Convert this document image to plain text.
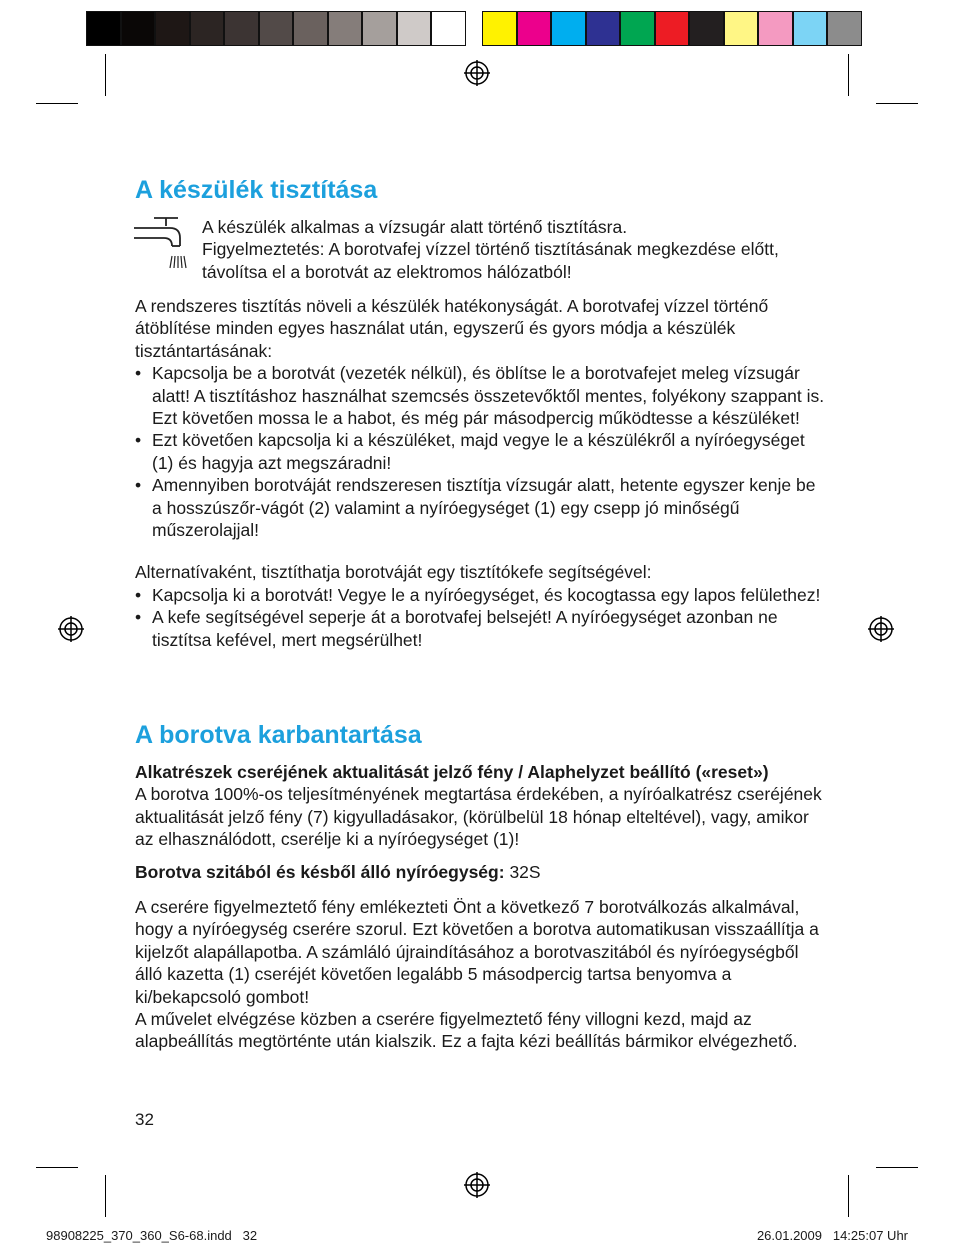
A készülék tisztítása

A készülék alkalmas a vízsugár alatt történő tisztításra.

Figyelmeztetés: A borotvafej vízzel történő tisztításának megkezdése előtt, távolítsa el a borotvát az elektromos hálózatból!

A rendszeres tisztítás növeli a készülék hatékonyságát. A borotvafej vízzel történő átöblítése minden egyes használat után, egyszerű és gyors módja a készülék tisztántartásának:

• Kapcsolja be a borotvát (vezeték nélkül), és öblítse le a borotvafejet meleg vízsugár alatt! A tisztításhoz használhat szemcsés összetevőktől mentes, folyékony szappant is. Ezt követően mossa le a habot, és még pár másodpercig működtesse a készüléket!

• Ezt követően kapcsolja ki a készüléket, majd vegye le a készülékről a nyíróegységet (1) és hagyja azt megszáradni!

• Amennyiben borotváját rendszeresen tisztítja vízsugár alatt, hetente egyszer kenje be a hosszúszőr-vágót (2) valamint a nyíróegységet (1) egy csepp jó minőségű műszerolajjal!

Alternatívaként, tisztíthatja borotváját egy tisztítókefe segítségével:

• Kapcsolja ki a borotvát! Vegye le a nyíróegységet, és kocogtassa egy lapos felülethez!

• A kefe segítségével seperje át a borotvafej belsejét! A nyíróegységet azonban ne tisztítsa kefével, mert megsérülhet!

A borotva karbantartása

Alkatrészek cseréjének aktualitását jelző fény / Alaphelyzet beállító («reset»)

A borotva 100%-os teljesítményének megtartása érdekében, a nyíróalkatrész cseréjének aktualitását jelző fény (7) kigyulladásakor, (körülbelül 18 hónap elteltével), vagy, amikor az elhasználódott, cserélje ki a nyíróegységet (1)!

Borotva szitából és késből álló nyíróegység: 32S

A cserére figyelmeztető fény emlékezteti Önt a következő 7 borotválkozás alkalmával, hogy a nyíróegység cserére szorul. Ezt követően a borotva automatikusan visszaállítja a kijelzőt alapállapotba. A számláló újraindításához a borotvaszitából és nyíróegységből álló kazetta (1) cseréjét követően legalább 5 másodpercig tartsa benyomva a ki/bekapcsoló gombot!

A művelet elvégzése közben a cserére figyelmeztető fény villogni kezd, majd az alapbeállítás megtörténte után kialszik. Ez a fajta kézi beállítás bármikor elvégezhető.

32
98908225_370_360_S6-68.indd   32	26.01.2009   14:25:07 Uhr
